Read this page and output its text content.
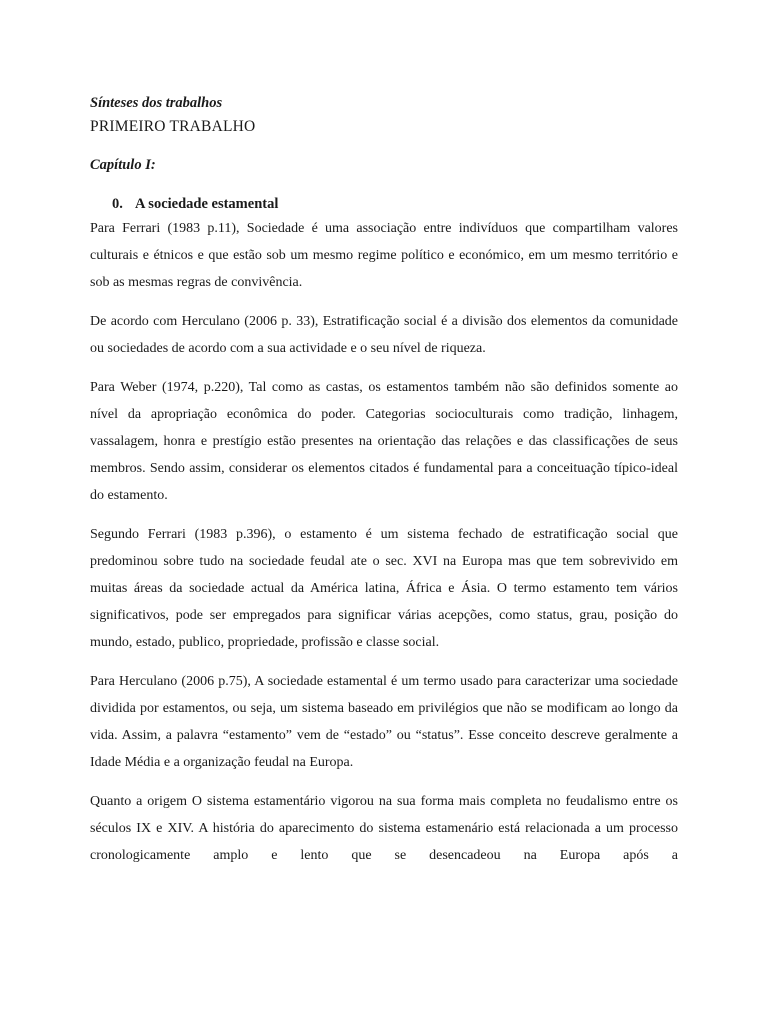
Sínteses dos trabalhos

PRIMEIRO TRABALHO

Capítulo I:

0. A sociedade estamental

Para Ferrari (1983 p.11), Sociedade é uma associação entre indivíduos que compartilham valores culturais e étnicos e que estão sob um mesmo regime político e económico, em um mesmo território e sob as mesmas regras de convivência.

De acordo com Herculano (2006 p. 33), Estratificação social é a divisão dos elementos da comunidade ou sociedades de acordo com a sua actividade e o seu nível de riqueza.

Para Weber (1974, p.220), Tal como as castas, os estamentos também não são definidos somente ao nível da apropriação econômica do poder. Categorias socioculturais como tradição, linhagem, vassalagem, honra e prestígio estão presentes na orientação das relações e das classificações de seus membros. Sendo assim, considerar os elementos citados é fundamental para a conceituação típico-ideal do estamento.

Segundo Ferrari (1983 p.396), o estamento é um sistema fechado de estratificação social que predominou sobre tudo na sociedade feudal ate o sec. XVI na Europa mas que tem sobrevivido em muitas áreas da sociedade actual da América latina, África e Ásia. O termo estamento tem vários significativos, pode ser empregados para significar várias acepções, como status, grau, posição do mundo, estado, publico, propriedade, profissão e classe social.

Para Herculano (2006 p.75), A sociedade estamental é um termo usado para caracterizar uma sociedade dividida por estamentos, ou seja, um sistema baseado em privilégios que não se modificam ao longo da vida. Assim, a palavra “estamento” vem de “estado” ou “status”. Esse conceito descreve geralmente a Idade Média e a organização feudal na Europa.

Quanto a origem O sistema estamentário vigorou na sua forma mais completa no feudalismo entre os séculos IX e XIV. A história do aparecimento do sistema estamenário está relacionada a um processo cronologicamente amplo e lento que se desencadeou na Europa após a
